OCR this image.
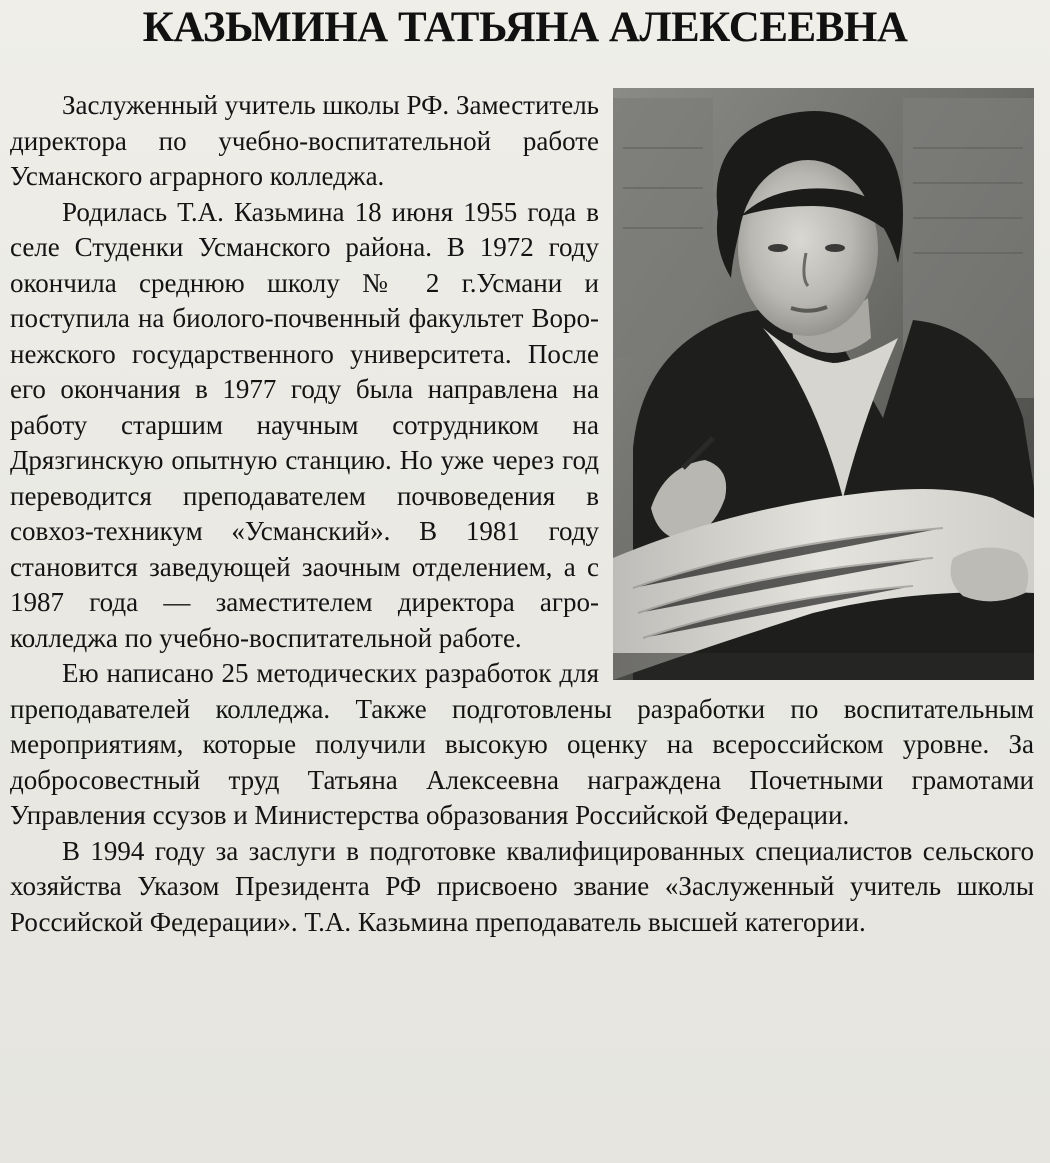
КАЗЬМИНА ТАТЬЯНА АЛЕКСЕЕВНА

Заслуженный учитель школы РФ. Заместитель директора по учебно-воспитательной работе Усманского аграрного колледжа.

Родилась Т.А. Казьмина 18 июня 1955 года в селе Студенки Усманского района. В 1972 году окончила среднюю школу № 2 г.Усмани и поступила на биолого-почвенный факультет Воронежского государственного университета. После его окончания в 1977 году была направлена на работу старшим научным сотрудником на Дрязгинскую опытную станцию. Но уже через год переводится преподавателем почвоведения в совхоз-техникум «Усманский». В 1981 году становится заведующей заочным отделением, а с 1987 года — заместителем директора агроколледжа по учебно-воспитательной работе.

Ею написано 25 методических разработок для преподавателей колледжа. Также подготовлены разработки по воспитательным мероприятиям, которые получили высокую оценку на всероссийском уровне. За добросовестный труд Татьяна Алексеевна награждена Почетными грамотами Управления ссузов и Министерства образования Российской Федерации.

В 1994 году за заслуги в подготовке квалифицированных специалистов сельского хозяйства Указом Президента РФ присвоено звание «Заслуженный учитель школы Российской Федерации». Т.А. Казьмина преподаватель высшей категории.
